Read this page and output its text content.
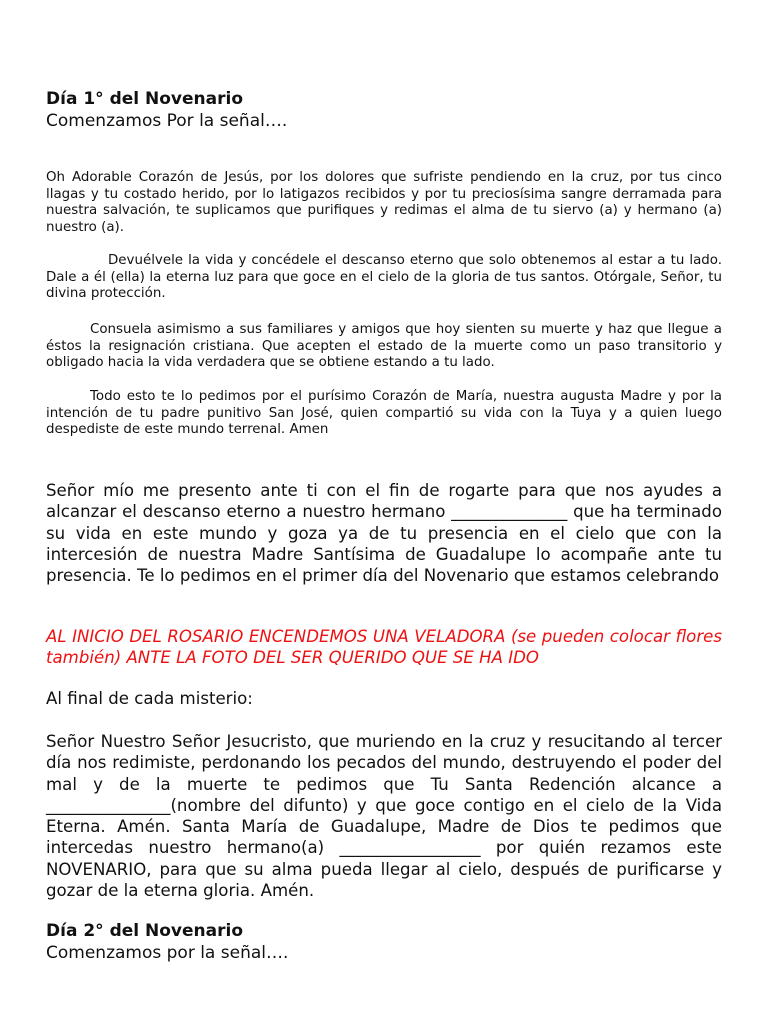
Día 1° del Novenario

Comenzamos Por la señal….

Oh Adorable Corazón de Jesús, por los dolores que sufriste pendiendo en la cruz, por tus cinco llagas y tu costado herido, por lo latigazos recibidos y por tu preciosísima sangre derramada para nuestra salvación, te suplicamos que purifiques y redimas el alma de tu siervo (a) y hermano (a) nuestro (a).

Devuélvele la vida y concédele el descanso eterno que solo obtenemos al estar a tu lado. Dale a él (ella) la eterna luz para que goce en el cielo de la gloria de tus santos. Otórgale, Señor, tu divina protección.

Consuela asimismo a sus familiares y amigos que hoy sienten su muerte y haz que llegue a éstos la resignación cristiana. Que acepten el estado de la muerte como un paso transitorio y obligado hacia la vida verdadera que se obtiene estando a tu lado.

Todo esto te lo pedimos por el purísimo Corazón de María, nuestra augusta Madre y por la intención de tu padre punitivo San José, quien compartió su vida con la Tuya y a quien luego despediste de este mundo terrenal. Amen

Señor mío me presento ante ti con el fin de rogarte para que nos ayudes a alcanzar el descanso eterno a nuestro hermano ______________ que ha terminado su vida en este mundo y goza ya de tu presencia en el cielo que con la intercesión de nuestra Madre Santísima de Guadalupe lo acompañe ante tu presencia. Te lo pedimos en el primer día del Novenario que estamos celebrando

AL INICIO DEL ROSARIO ENCENDEMOS UNA VELADORA (se pueden colocar flores también) ANTE LA FOTO DEL SER QUERIDO QUE SE HA IDO

Al final de cada misterio:

Señor Nuestro Señor Jesucristo, que muriendo en la cruz y resucitando al tercer día nos redimiste, perdonando los pecados del mundo, destruyendo el poder del mal y de la muerte te pedimos que Tu Santa Redención alcance a _______________(nombre del difunto) y que goce contigo en el cielo de la Vida Eterna. Amén. Santa María de Guadalupe, Madre de Dios te pedimos que intercedas nuestro hermano(a) _________________ por quién rezamos este NOVENARIO, para que su alma pueda llegar al cielo, después de purificarse y gozar de la eterna gloria. Amén.

Día 2° del Novenario

Comenzamos por la señal….
